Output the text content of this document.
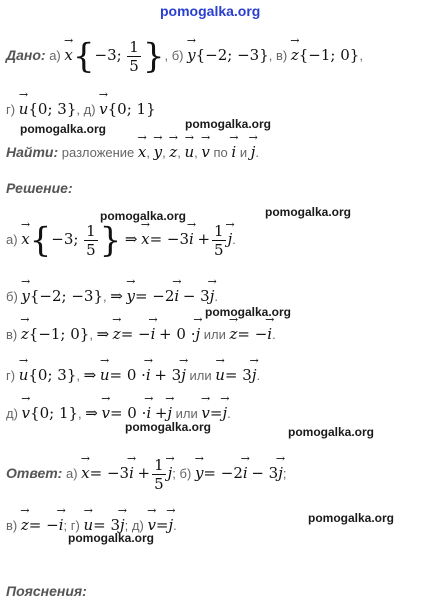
pomogalka.org
Дано: а) x →{−3; $\frac{1}{5}$ }, б) y →{−2; −3}, в) z →{−1; 0},
г) u →{0; 3}, д) v →{0; 1}
pomogalka.org
pomogalka.org
Найти: разложение x →, y →, z →, u →, v → по i → и j →.
Решение:
pomogalka.org	pomogalka.org
а) x →{−3; $\frac{1}{5}$ } ⇒ x →= −3i → + $\frac{1}{5}$ j →.
б) y →{−2; −3}, ⇒ y →= −2i → − 3j →.
pomogalka.org
в) z →{−1; 0}, ⇒ z →= −i → + 0 ·j → или z →= −i →.
г) u →{0; 3}, ⇒ u →= 0 ·i → + 3j → или u →= 3j →.
д) v →{0; 1}, ⇒ v →= 0 ·i → +j → или v →=j →.
pomogalka.org	pomogalka.org
Ответ: а) x →= −3i → + $\frac{1}{5}$ j →; б) y →= −2i → − 3j →;
в) z →= −i →; г) u →= 3j →; д) v →=j →.	pomogalka.org
pomogalka.org
Пояснения:
